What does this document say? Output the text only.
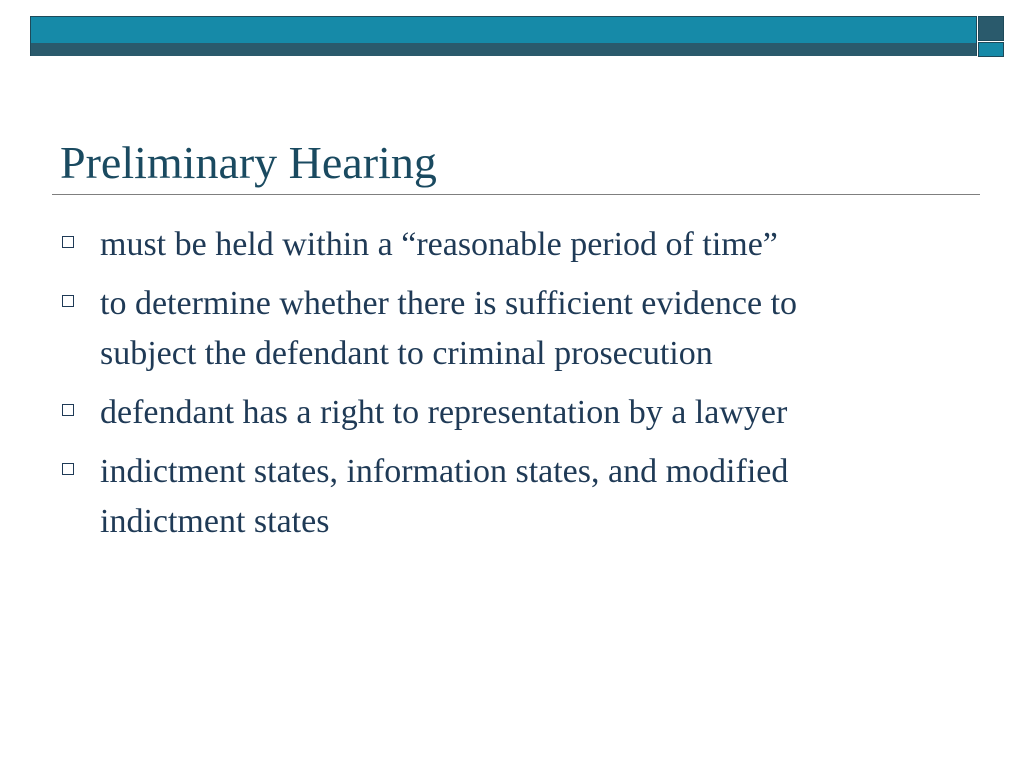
Preliminary Hearing
must be held within a “reasonable period of time”
to determine whether there is sufficient evidence to subject the defendant to criminal prosecution
defendant has a right to representation by a lawyer
indictment states, information states, and modified indictment states
